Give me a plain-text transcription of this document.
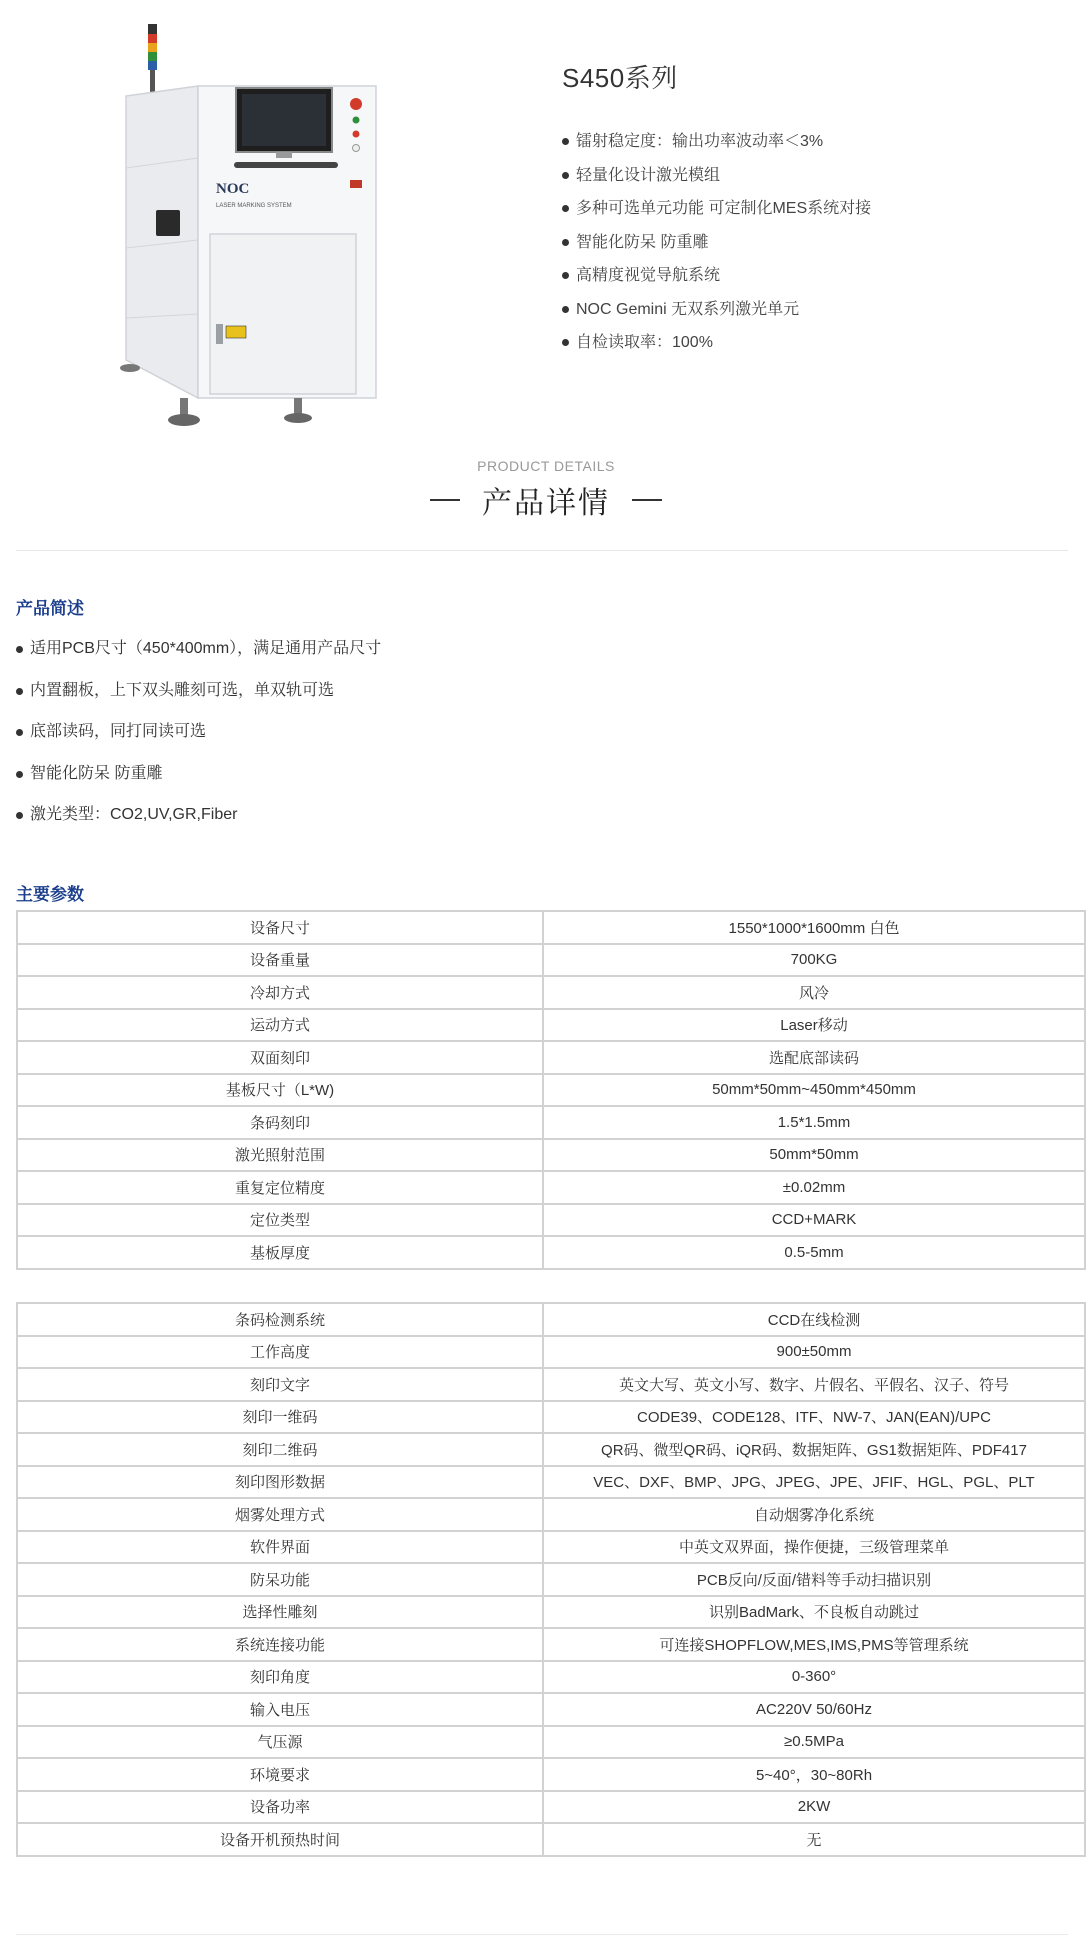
NOC
LASER MARKING SYSTEM
S450系列
镭射稳定度：输出功率波动率＜3%
轻量化设计激光模组
多种可选单元功能 可定制化MES系统对接
智能化防呆 防重雕
高精度视觉导航系统
NOC Gemini 无双系列激光单元
自检读取率：100%
PRODUCT DETAILS
产品详情
产品简述
适用PCB尺寸（450*400mm），满足通用产品尺寸
内置翻板，上下双头雕刻可选，单双轨可选
底部读码，同打同读可选
智能化防呆 防重雕
激光类型：CO2,UV,GR,Fiber
主要参数
设备尺寸	1550*1000*1600mm 白色
设备重量	700KG
冷却方式	风冷
运动方式	Laser移动
双面刻印	选配底部读码
基板尺寸（L*W)	50mm*50mm~450mm*450mm
条码刻印	1.5*1.5mm
激光照射范围	50mm*50mm
重复定位精度	±0.02mm
定位类型	CCD+MARK
基板厚度	0.5-5mm
条码检测系统	CCD在线检测
工作高度	900±50mm
刻印文字	英文大写、英文小写、数字、片假名、平假名、汉子、符号
刻印一维码	CODE39、CODE128、ITF、NW-7、JAN(EAN)/UPC
刻印二维码	QR码、微型QR码、iQR码、数据矩阵、GS1数据矩阵、PDF417
刻印图形数据	VEC、DXF、BMP、JPG、JPEG、JPE、JFIF、HGL、PGL、PLT
烟雾处理方式	自动烟雾净化系统
软件界面	中英文双界面，操作便捷，三级管理菜单
防呆功能	PCB反向/反面/错料等手动扫描识别
选择性雕刻	识别BadMark、不良板自动跳过
系统连接功能	可连接SHOPFLOW,MES,IMS,PMS等管理系统
刻印角度	0-360°
输入电压	AC220V 50/60Hz
气压源	≥0.5MPa
环境要求	5~40°，30~80Rh
设备功率	2KW
设备开机预热时间	无
